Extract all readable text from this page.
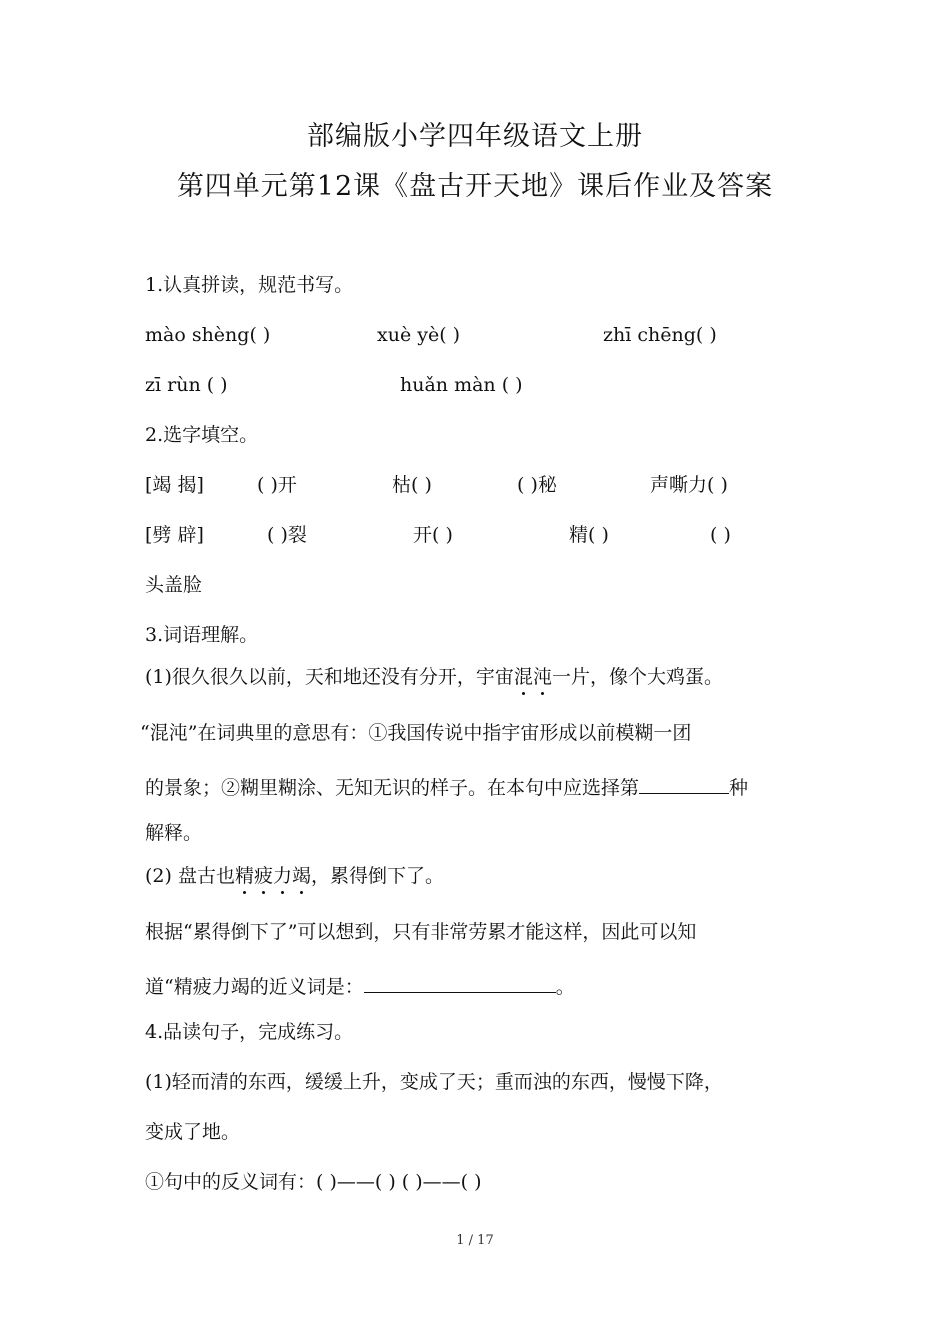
部编版小学四年级语文上册
第四单元第12课《盘古开天地》课后作业及答案
1.认真拼读，规范书写。
mào shèng( )	xuè yè( )	zhī chēng( )
zī rùn ( )	huǎn màn ( )
2.选字填空。
[竭 揭]	( )开	枯( )	( )秘	声嘶力( )
[劈 辟]	( )裂	开( )	精( )	( )
头盖脸
3.词语理解。
(1)很久很久以前，天和地还没有分开，宇宙混沌一片，像个大鸡蛋。
“混沌”在词典里的意思有：①我国传说中指宇宙形成以前模糊一团
的景象；②糊里糊涂、无知无识的样子。在本句中应选择第	种
解释。
(2) 盘古也精疲力竭，累得倒下了。
根据“累得倒下了”可以想到，只有非常劳累才能这样，因此可以知
道“精疲力竭的近义词是：	。
4.品读句子，完成练习。
(1)轻而清的东西，缓缓上升，变成了天；重而浊的东西，慢慢下降，
变成了地。
①句中的反义词有：( )——( ) ( )——( )
1 / 17
